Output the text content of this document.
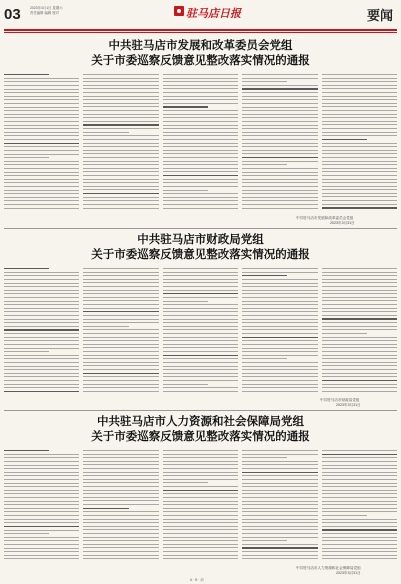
03	2023年4月1日 星期六
责任编辑 编辑 校对	驻马店日报	要闻
中共驻马店市发展和改革委员会党组
关于市委巡察反馈意见整改落实情况的通报
中共驻马店市发展和改革委员会党组
2023年3月31日
中共驻马店市财政局党组
关于市委巡察反馈意见整改落实情况的通报
中共驻马店市财政局党组
2023年3月31日
中共驻马店市人力资源和社会保障局党组
关于市委巡察反馈意见整改落实情况的通报
中共驻马店市人力资源和社会保障局党组
2023年3月31日
A · B · 前
